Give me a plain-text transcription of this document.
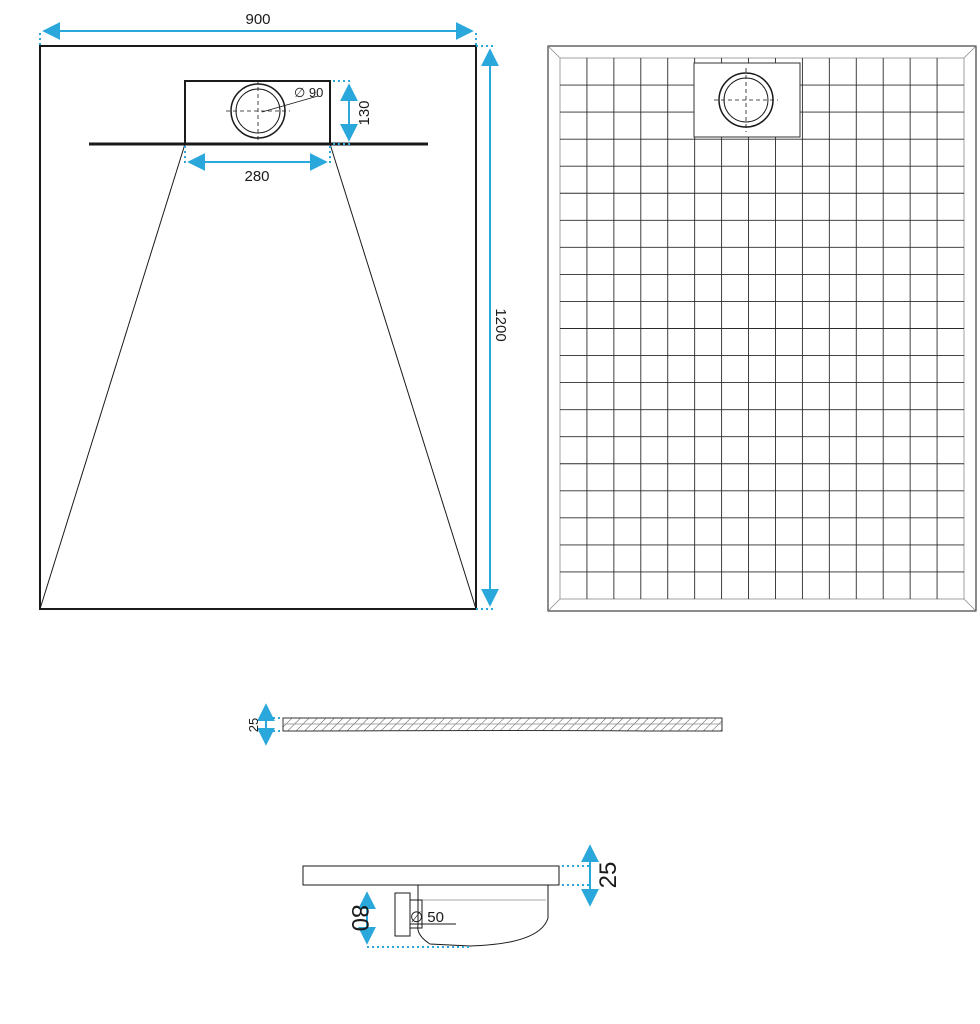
∅ 90
900
1200
130
280
25
∅ 50
25
80
